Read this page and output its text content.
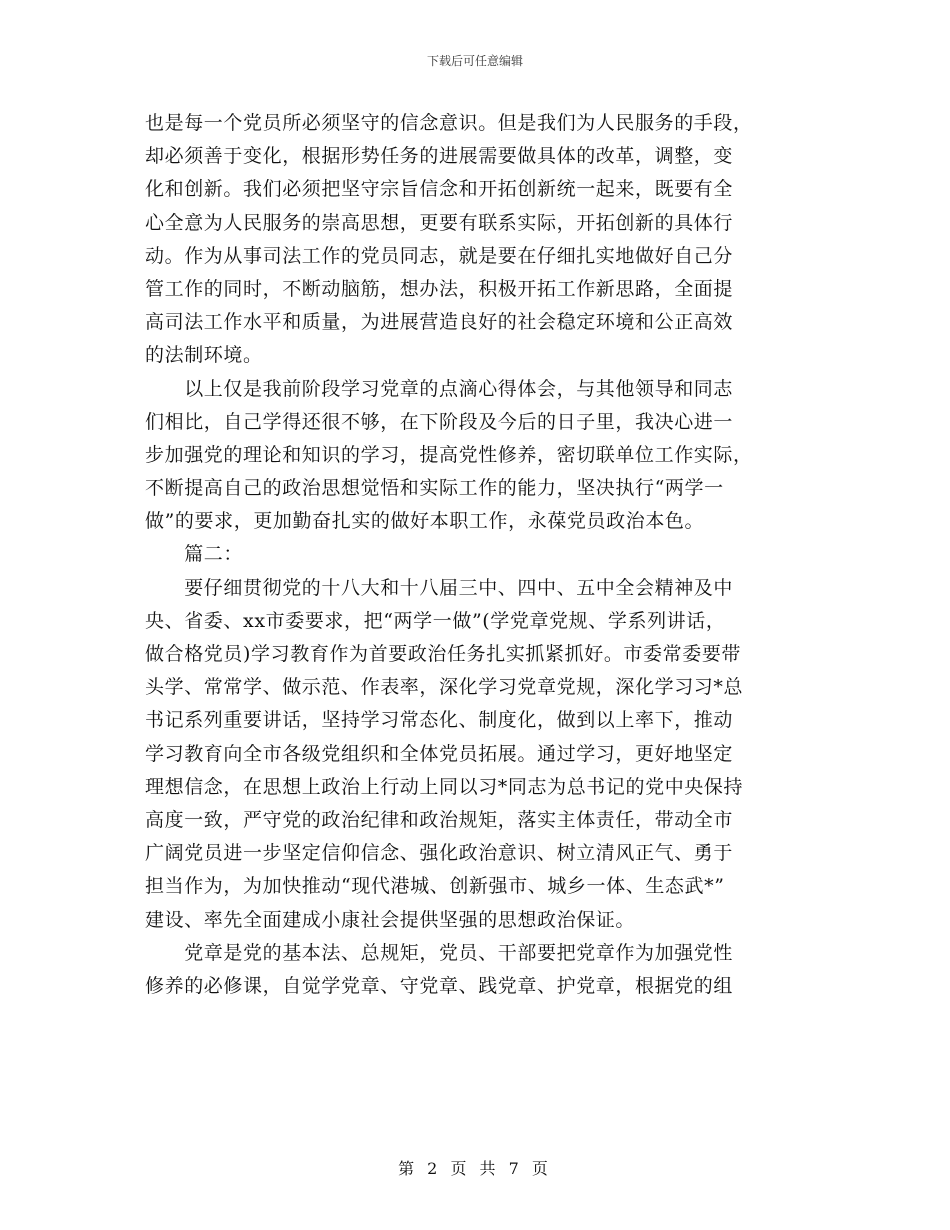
下载后可任意编辑
也是每一个党员所必须坚守的信念意识。但是我们为人民服务的手段，
却必须善于变化，根据形势任务的进展需要做具体的改革，调整，变
化和创新。我们必须把坚守宗旨信念和开拓创新统一起来，既要有全
心全意为人民服务的崇高思想，更要有联系实际，开拓创新的具体行
动。作为从事司法工作的党员同志，就是要在仔细扎实地做好自己分
管工作的同时，不断动脑筋，想办法，积极开拓工作新思路，全面提
高司法工作水平和质量，为进展营造良好的社会稳定环境和公正高效
的法制环境。
　　以上仅是我前阶段学习党章的点滴心得体会，与其他领导和同志
们相比，自己学得还很不够，在下阶段及今后的日子里，我决心进一
步加强党的理论和知识的学习，提高党性修养，密切联单位工作实际，
不断提高自己的政治思想觉悟和实际工作的能力，坚决执行“两学一
做”的要求，更加勤奋扎实的做好本职工作，永葆党员政治本色。
　　篇二：
　　要仔细贯彻党的十八大和十八届三中、四中、五中全会精神及中
央、省委、xx市委要求，把“两学一做”(学党章党规、学系列讲话，
做合格党员)学习教育作为首要政治任务扎实抓紧抓好。市委常委要带
头学、常常学、做示范、作表率，深化学习党章党规，深化学习习*总
书记系列重要讲话，坚持学习常态化、制度化，做到以上率下，推动
学习教育向全市各级党组织和全体党员拓展。通过学习，更好地坚定
理想信念，在思想上政治上行动上同以习*同志为总书记的党中央保持
高度一致，严守党的政治纪律和政治规矩，落实主体责任，带动全市
广阔党员进一步坚定信仰信念、强化政治意识、树立清风正气、勇于
担当作为，为加快推动“现代港城、创新强市、城乡一体、生态武*”
建设、率先全面建成小康社会提供坚强的思想政治保证。
　　党章是党的基本法、总规矩，党员、干部要把党章作为加强党性
修养的必修课，自觉学党章、守党章、践党章、护党章，根据党的组
第 2 页 共 7 页
